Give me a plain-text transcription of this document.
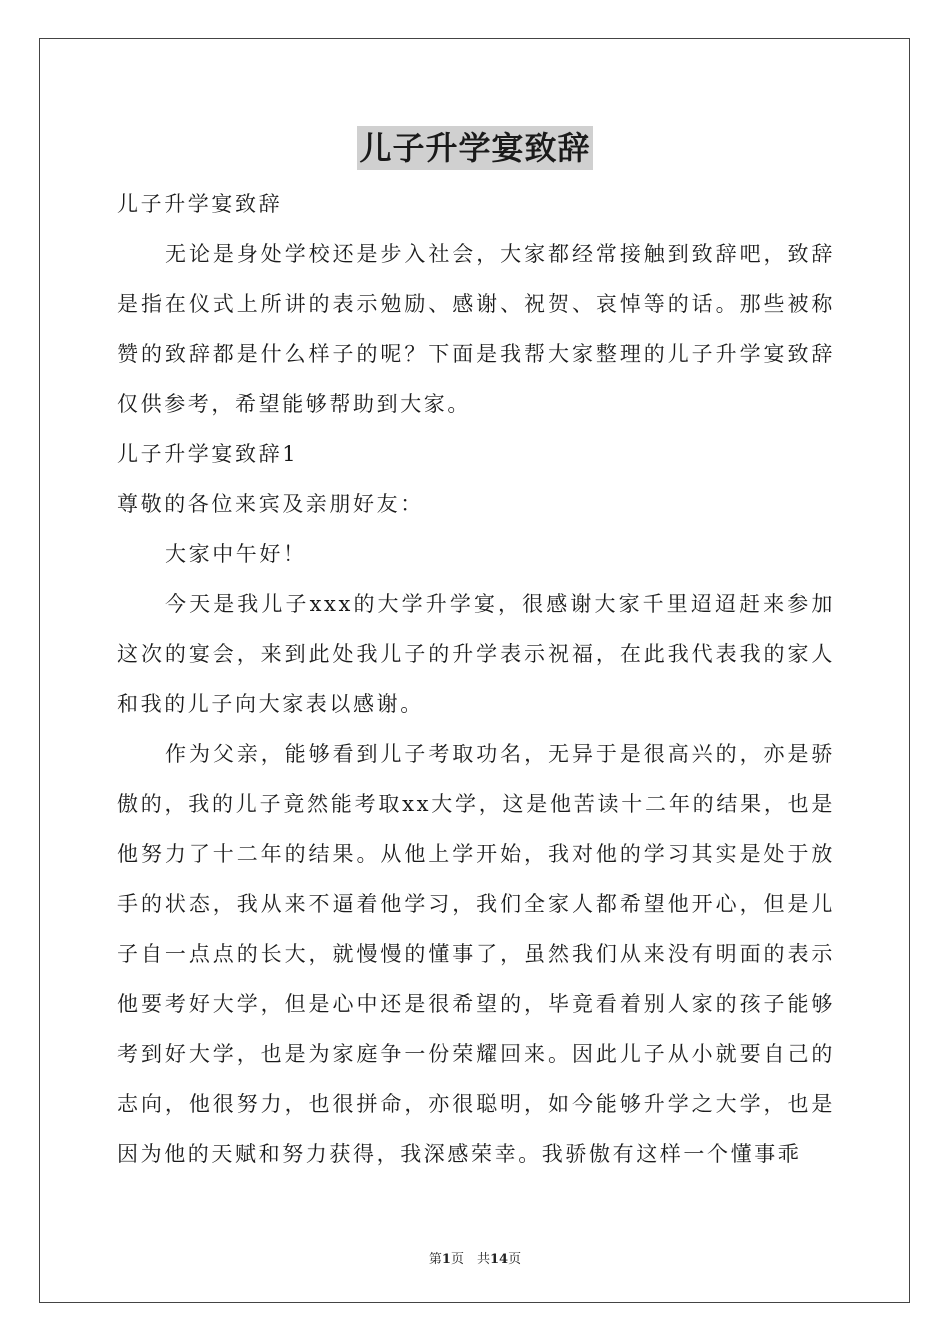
儿子升学宴致辞

儿子升学宴致辞

无论是身处学校还是步入社会，大家都经常接触到致辞吧，致辞是指在仪式上所讲的表示勉励、感谢、祝贺、哀悼等的话。那些被称赞的致辞都是什么样子的呢？下面是我帮大家整理的儿子升学宴致辞仅供参考，希望能够帮助到大家。

儿子升学宴致辞1

尊敬的各位来宾及亲朋好友：

大家中午好！

今天是我儿子xxx的大学升学宴，很感谢大家千里迢迢赶来参加这次的宴会，来到此处我儿子的升学表示祝福，在此我代表我的家人和我的儿子向大家表以感谢。

作为父亲，能够看到儿子考取功名，无异于是很高兴的，亦是骄傲的，我的儿子竟然能考取xx大学，这是他苦读十二年的结果，也是他努力了十二年的结果。从他上学开始，我对他的学习其实是处于放手的状态，我从来不逼着他学习，我们全家人都希望他开心，但是儿子自一点点的长大，就慢慢的懂事了，虽然我们从来没有明面的表示他要考好大学，但是心中还是很希望的，毕竟看着别人家的孩子能够考到好大学，也是为家庭争一份荣耀回来。因此儿子从小就要自己的志向，他很努力，也很拼命，亦很聪明，如今能够升学之大学，也是因为他的天赋和努力获得，我深感荣幸。我骄傲有这样一个懂事乖

第1页　共14页
